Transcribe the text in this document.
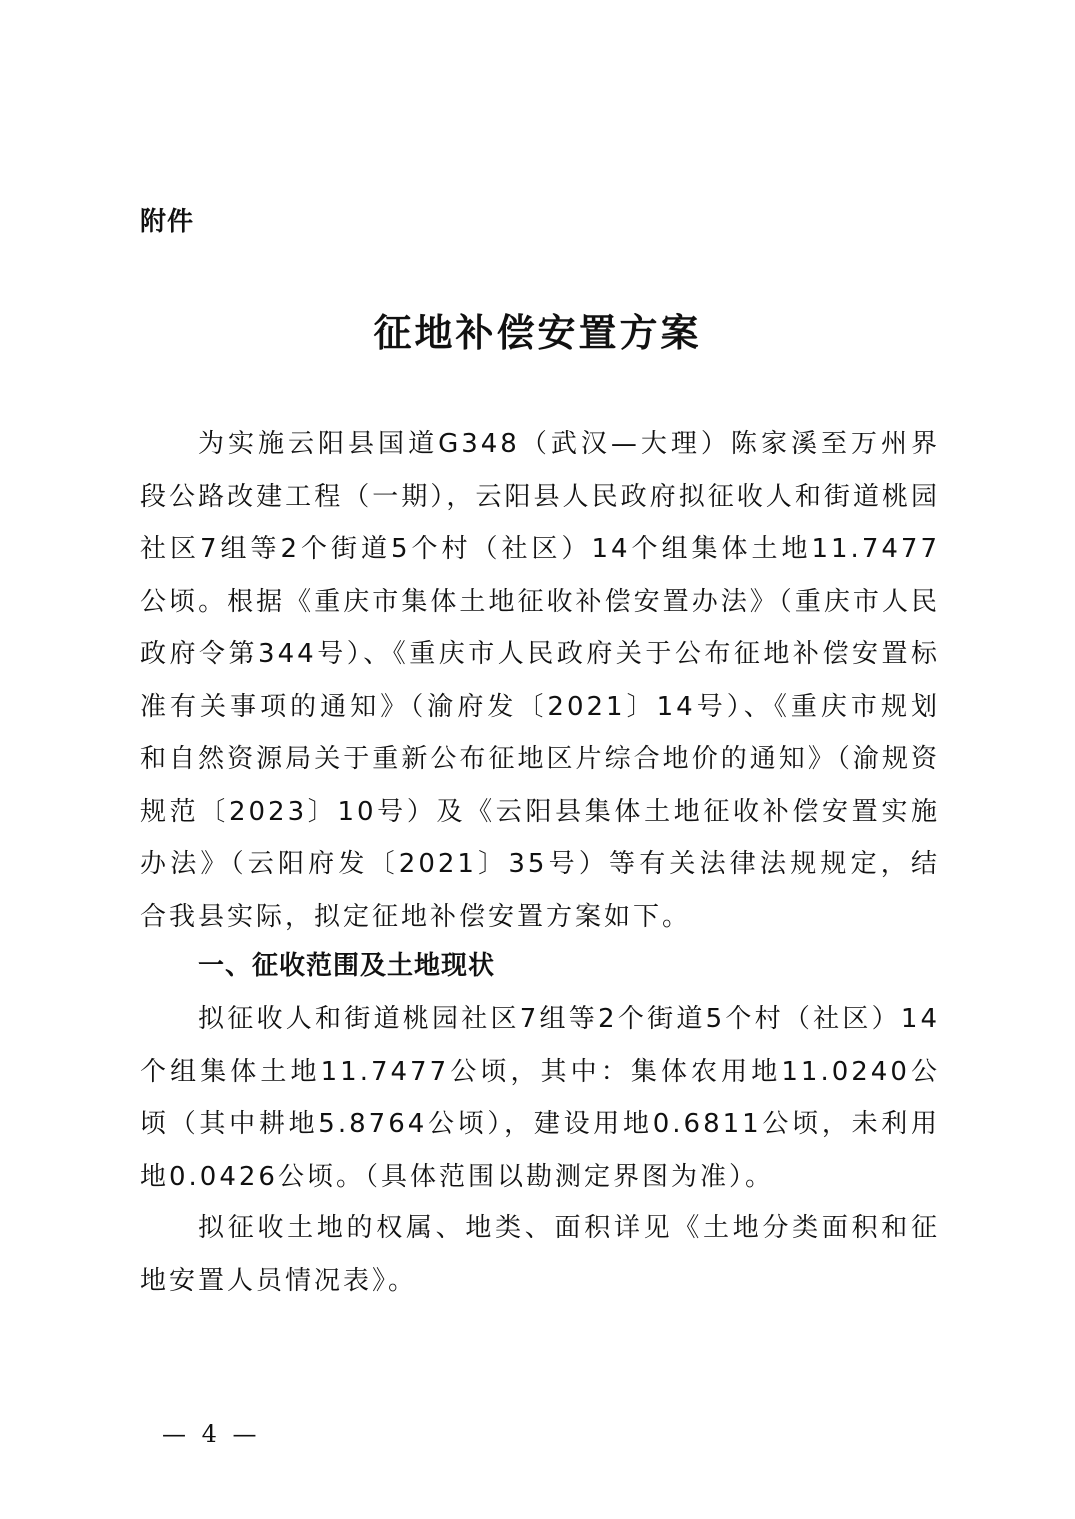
附件
征地补偿安置方案

为实施云阳县国道G348（武汉—大理）陈家溪至万州界段公路改建工程（一期），云阳县人民政府拟征收人和街道桃园社区7组等2个街道5个村（社区）14个组集体土地11.7477公顷。根据《重庆市集体土地征收补偿安置办法》（重庆市人民政府令第344号）、《重庆市人民政府关于公布征地补偿安置标准有关事项的通知》（渝府发〔2021〕14号）、《重庆市规划和自然资源局关于重新公布征地区片综合地价的通知》（渝规资规范〔2023〕10号）及《云阳县集体土地征收补偿安置实施办法》（云阳府发〔2021〕35号）等有关法律法规规定，结合我县实际，拟定征地补偿安置方案如下。

一、征收范围及土地现状

拟征收人和街道桃园社区7组等2个街道5个村（社区）14个组集体土地11.7477公顷，其中：集体农用地11.0240公顷（其中耕地5.8764公顷），建设用地0.6811公顷，未利用地0.0426公顷。（具体范围以勘测定界图为准）。

拟征收土地的权属、地类、面积详见《土地分类面积和征地安置人员情况表》。

— 4 —
